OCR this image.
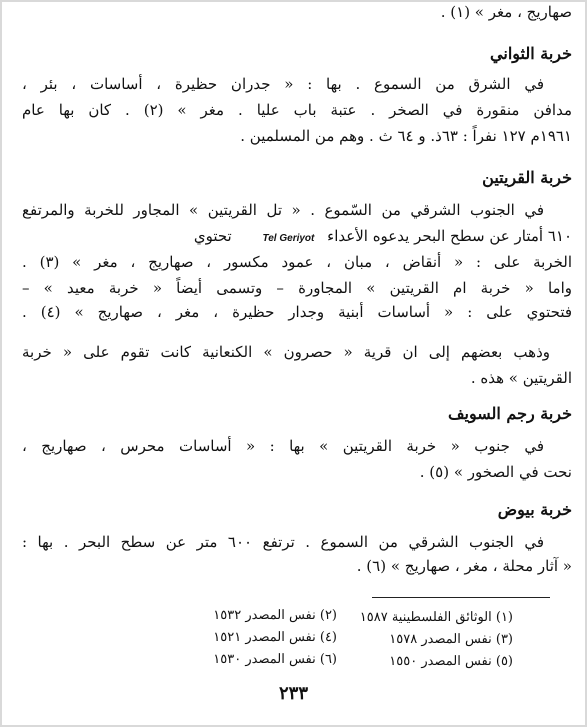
صهاريج ، مغر » (١) .
خربة الثواني
في الشرق من السموع . بها : « جدران حظيرة ، أساسات ، بئر ،
مدافن منقورة في الصخر . عتبة باب عليا . مغر » (٢) . كان بها عام
١٩٦١م ١٢٧ نفراً : ٦٣ذ. و ٦٤ ث . وهم من المسلمين .
خربة القريتين
في الجنوب الشرقي من السّموع . « تل القريتين » المجاور للخربة والمرتفع
٦١٠ أمتار عن سطح البحر يدعوه الأعداء Tel Geriyot تحتوي
الخربة على : « أنقاض ، مبان ، عمود مكسور ، صهاريج ، مغر » (٣) .
واما « خربة ام القريتين » المجاورة – وتسمى أيضاً « خربة معيد » –
فتحتوي على : « أساسات أبنية وجدار حظيرة ، مغر ، صهاريج » (٤) .
وذهب بعضهم إلى ان قرية « حصرون » الكنعانية كانت تقوم على « خربة
القريتين » هذه .
خربة رجم السويف
في جنوب « خربة القريتين » بها : « أساسات محرس ، صهاريج ،
نحت في الصخور » (٥) .
خربة بيوض
في الجنوب الشرقي من السموع . ترتفع ٦٠٠ متر عن سطح البحر . بها :
« آثار محلة ، مغر ، صهاريج » (٦) .
(١) الوثائق الفلسطينية ١٥٨٧
(٢) نفس المصدر ١٥٣٢
(٣) نفس المصدر ١٥٧٨
(٤) نفس المصدر ١٥٢١
(٥) نفس المصدر ١٥٥٠
(٦) نفس المصدر ١٥٣٠
٢٣٣
